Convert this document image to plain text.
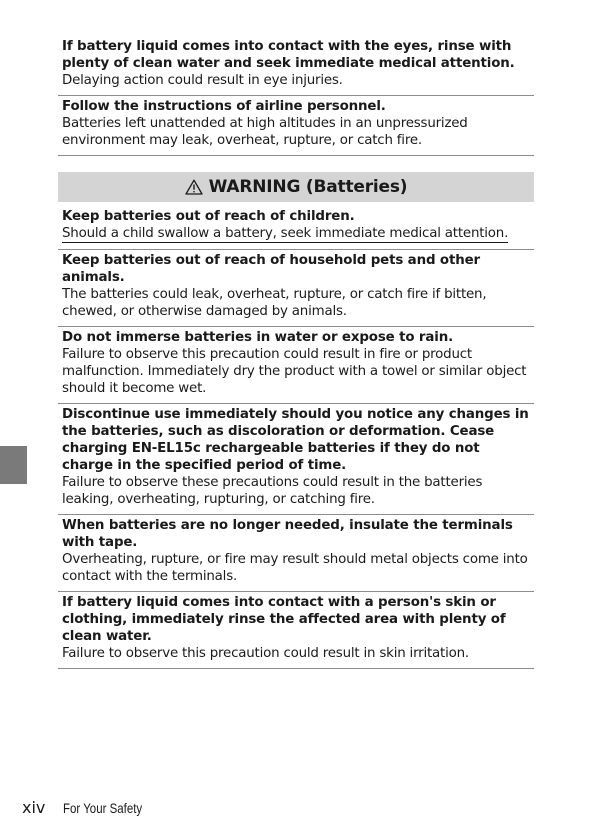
If battery liquid comes into contact with the eyes, rinse with plenty of clean water and seek immediate medical attention.
Delaying action could result in eye injuries.
Follow the instructions of airline personnel.
Batteries left unattended at high altitudes in an unpressurized environment may leak, overheat, rupture, or catch fire.
WARNING (Batteries)
Keep batteries out of reach of children.
Should a child swallow a battery, seek immediate medical attention.
Keep batteries out of reach of household pets and other animals.
The batteries could leak, overheat, rupture, or catch fire if bitten, chewed, or otherwise damaged by animals.
Do not immerse batteries in water or expose to rain.
Failure to observe this precaution could result in fire or product malfunction. Immediately dry the product with a towel or similar object should it become wet.
Discontinue use immediately should you notice any changes in the batteries, such as discoloration or deformation. Cease charging EN-EL15c rechargeable batteries if they do not charge in the specified period of time.
Failure to observe these precautions could result in the batteries leaking, overheating, rupturing, or catching fire.
When batteries are no longer needed, insulate the terminals with tape.
Overheating, rupture, or fire may result should metal objects come into contact with the terminals.
If battery liquid comes into contact with a person's skin or clothing, immediately rinse the affected area with plenty of clean water.
Failure to observe this precaution could result in skin irritation.
xiv For Your Safety
